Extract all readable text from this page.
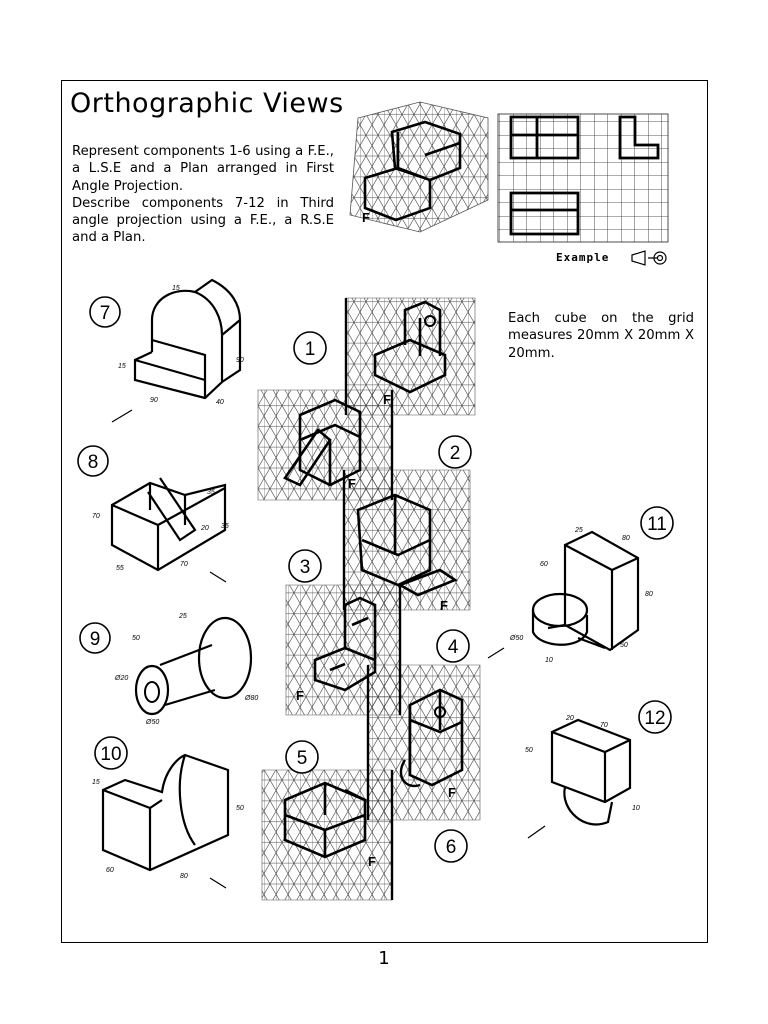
Orthographic Views

Represent components 1-6 using a F.E., a L.S.E and a Plan arranged in First Angle Projection.

Describe components 7-12 in Third angle projection using a F.E., a R.S.E and a Plan.

Each cube on the grid measures 20mm X 20mm X 20mm.
Example
1
F
F
F
F
F
F
F
7
8
9
10
11
12
1
2
3
4
5
6
15
15
90
90	40
35
70
20 35
55
70
50
25
Ø20
Ø50
Ø80
15
50
60
80
25
80
60
80
Ø50
10
50
20
70
50
10
